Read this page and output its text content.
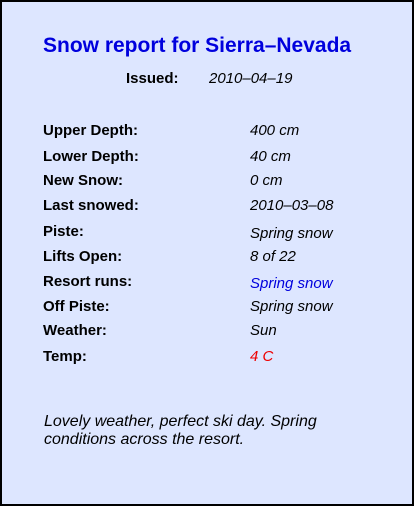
Snow report for Sierra–Nevada
Issued: 2010–04–19
Upper Depth:	400 cm
Lower Depth:	40 cm
New Snow:	0 cm
Last snowed:	2010–03–08
Piste:	Spring snow
Lifts Open:	8 of 22
Resort runs:	Spring snow
Off Piste:	Spring snow
Weather:	Sun
Temp:	4 C
Lovely weather, perfect ski day. Spring conditions across the resort.
